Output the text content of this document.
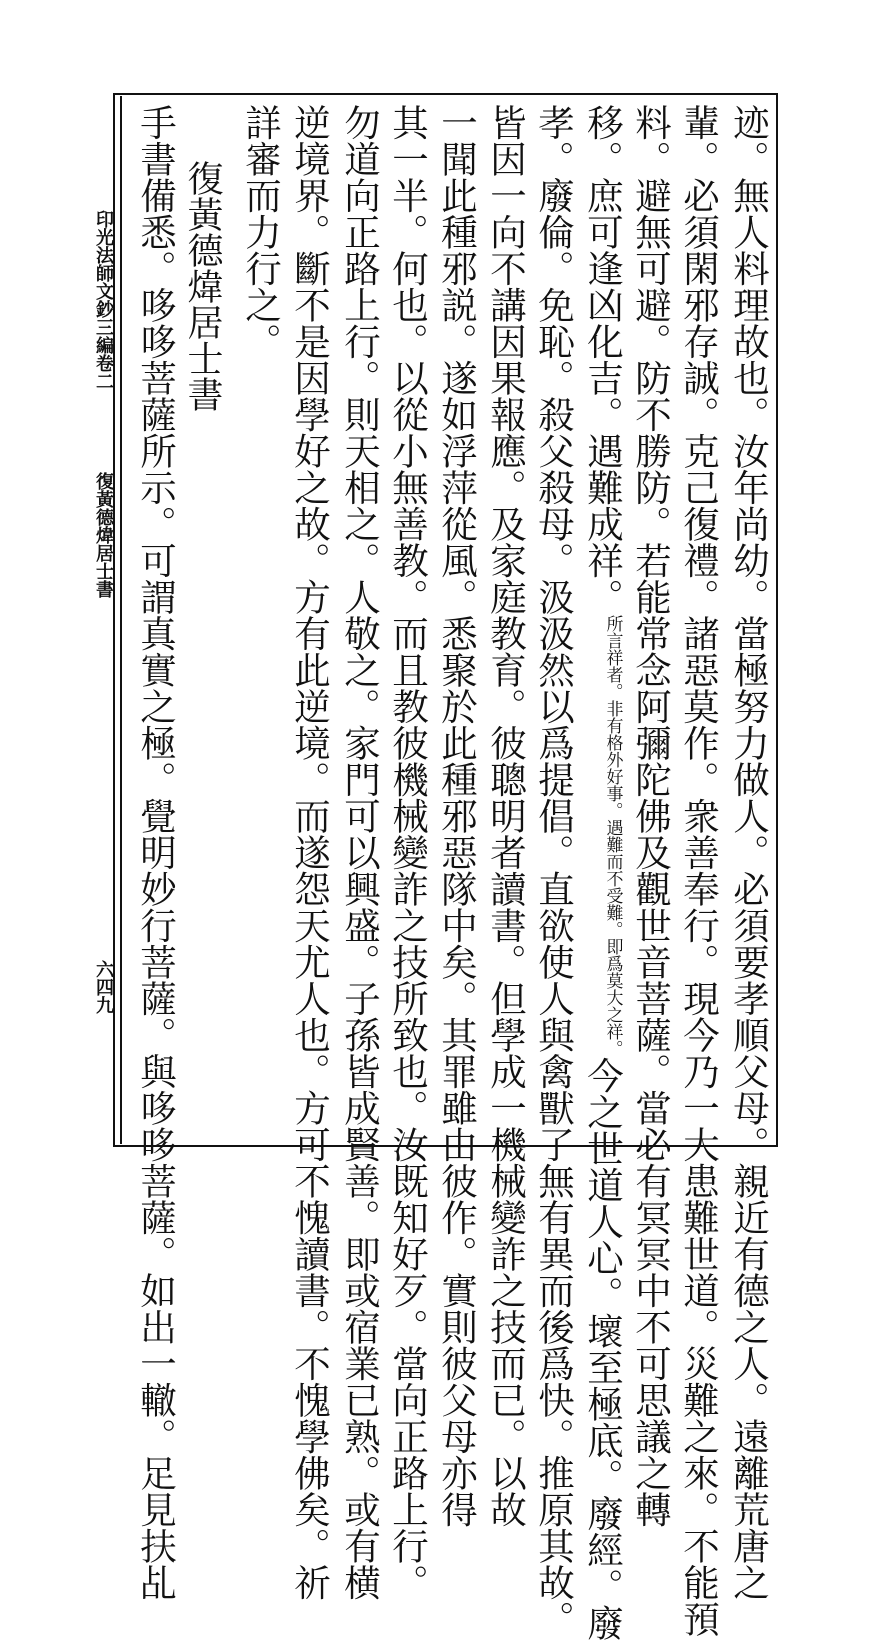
印光法師文鈔三編卷二
復黃德煒居士書
六四九	迹。無人料理故也。汝年尚幼。當極努力做人。必須要孝順父母。親近有德之人。遠離荒唐之
輩。必須閑邪存誠。克己復禮。諸惡莫作。衆善奉行。現今乃一大患難世道。災難之來。不能預
料。避無可避。防不勝防。若能常念阿彌陀佛及觀世音菩薩。當必有冥冥中不可思議之轉
移。庶可逢凶化吉。遇難成祥。所言祥者。非有格外好事。遇難而不受難。即爲莫大之祥。今之世道人心。壞至極底。廢經。廢
孝。廢倫。免恥。殺父殺母。汲汲然以爲提倡。直欲使人與禽獸了無有異而後爲快。推原其故。
皆因一向不講因果報應。及家庭教育。彼聰明者讀書。但學成一機械變詐之技而已。以故
一聞此種邪説。遂如浮萍從風。悉聚於此種邪惡隊中矣。其罪雖由彼作。實則彼父母亦得
其一半。何也。以從小無善教。而且教彼機械變詐之技所致也。汝既知好歹。當向正路上行。
勿道向正路上行。則天相之。人敬之。家門可以興盛。子孫皆成賢善。即或宿業已熟。或有横
逆境界。斷不是因學好之故。方有此逆境。而遂怨天尤人也。方可不愧讀書。不愧學佛矣。祈
詳審而力行之。
復黃德煒居士書
手書備悉。哆哆菩薩所示。可謂真實之極。覺明妙行菩薩。與哆哆菩薩。如出一轍。足見扶乩
